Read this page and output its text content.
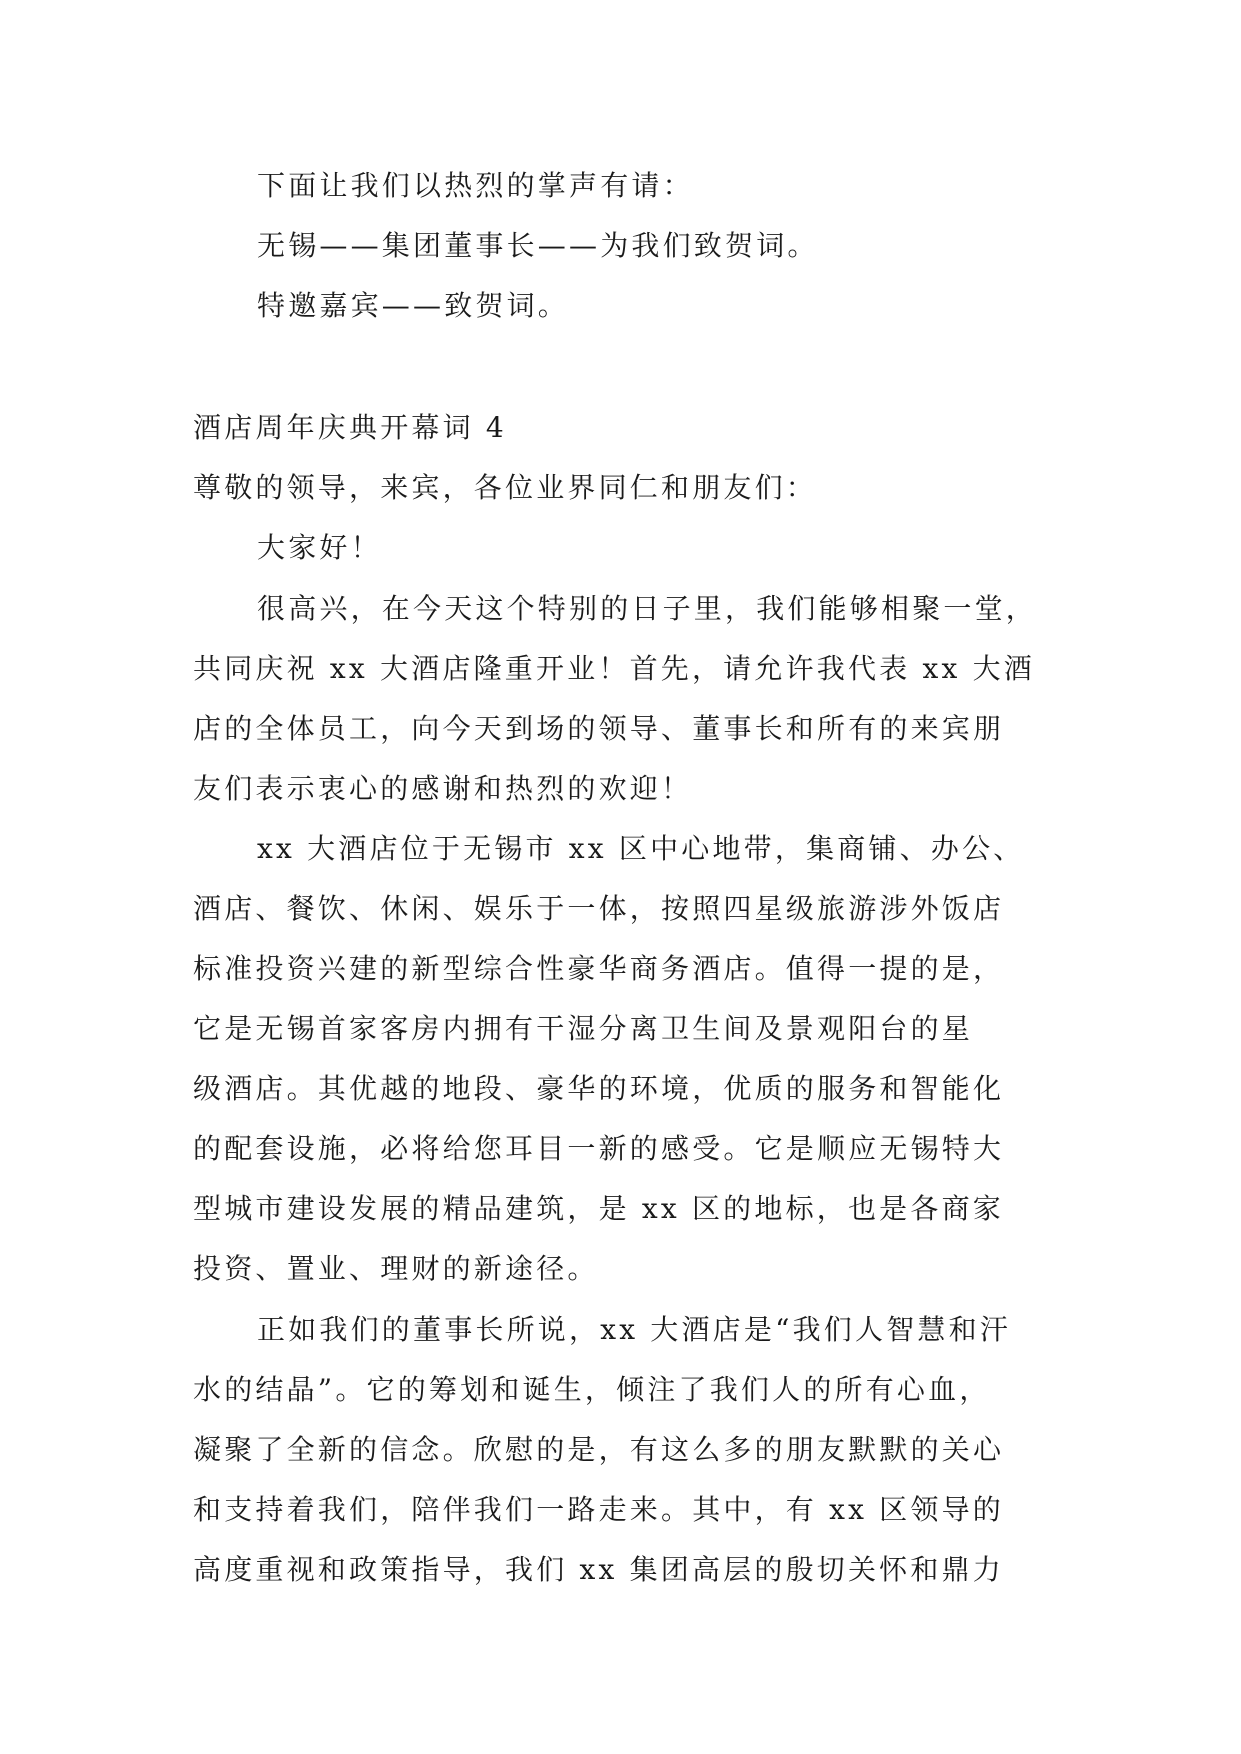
下面让我们以热烈的掌声有请：

无锡——集团董事长——为我们致贺词。

特邀嘉宾——致贺词。

酒店周年庆典开幕词 4

尊敬的领导，来宾，各位业界同仁和朋友们：

大家好！

很高兴，在今天这个特别的日子里，我们能够相聚一堂，

共同庆祝 xx 大酒店隆重开业！首先，请允许我代表 xx 大酒

店的全体员工，向今天到场的领导、董事长和所有的来宾朋

友们表示衷心的感谢和热烈的欢迎！

xx 大酒店位于无锡市 xx 区中心地带，集商铺、办公、

酒店、餐饮、休闲、娱乐于一体，按照四星级旅游涉外饭店

标准投资兴建的新型综合性豪华商务酒店。值得一提的是，

它是无锡首家客房内拥有干湿分离卫生间及景观阳台的星

级酒店。其优越的地段、豪华的环境，优质的服务和智能化

的配套设施，必将给您耳目一新的感受。它是顺应无锡特大

型城市建设发展的精品建筑，是 xx 区的地标，也是各商家

投资、置业、理财的新途径。

正如我们的董事长所说，xx 大酒店是“我们人智慧和汗

水的结晶”。它的筹划和诞生，倾注了我们人的所有心血，

凝聚了全新的信念。欣慰的是，有这么多的朋友默默的关心

和支持着我们，陪伴我们一路走来。其中，有 xx 区领导的

高度重视和政策指导，我们 xx 集团高层的殷切关怀和鼎力
